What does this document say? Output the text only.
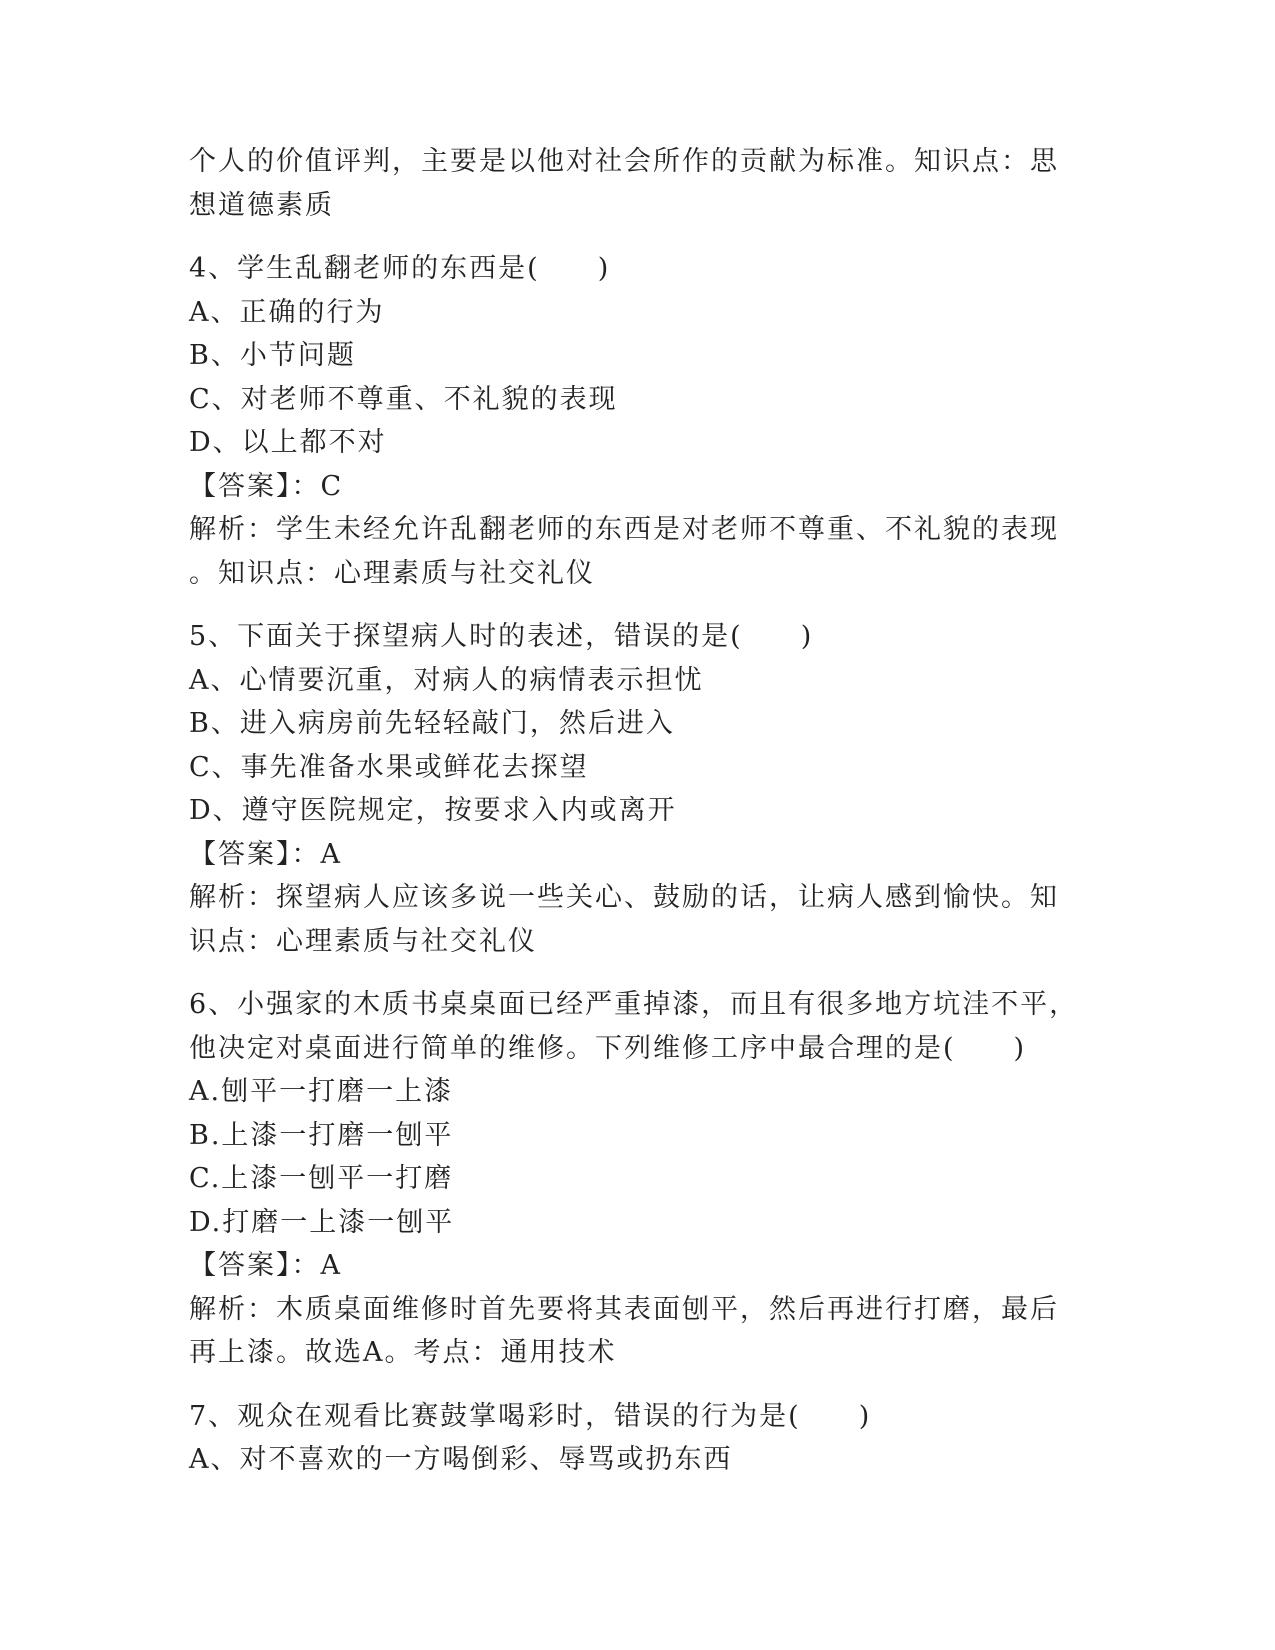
个人的价值评判，主要是以他对社会所作的贡献为标准。知识点：思
想道德素质
4、学生乱翻老师的东西是(　　)
A、正确的行为
B、小节问题
C、对老师不尊重、不礼貌的表现
D、以上都不对
【答案】：C
解析：学生未经允许乱翻老师的东西是对老师不尊重、不礼貌的表现
。知识点：心理素质与社交礼仪
5、下面关于探望病人时的表述，错误的是(　　)
A、心情要沉重，对病人的病情表示担忧
B、进入病房前先轻轻敲门，然后进入
C、事先准备水果或鲜花去探望
D、遵守医院规定，按要求入内或离开
【答案】：A
解析：探望病人应该多说一些关心、鼓励的话，让病人感到愉快。知
识点：心理素质与社交礼仪
6、小强家的木质书桌桌面已经严重掉漆，而且有很多地方坑洼不平，
他决定对桌面进行简单的维修。下列维修工序中最合理的是(　　)
A.刨平一打磨一上漆
B.上漆一打磨一刨平
C.上漆一刨平一打磨
D.打磨一上漆一刨平
【答案】：A
解析：木质桌面维修时首先要将其表面刨平，然后再进行打磨，最后
再上漆。故选A。考点：通用技术
7、观众在观看比赛鼓掌喝彩时，错误的行为是(　　)
A、对不喜欢的一方喝倒彩、辱骂或扔东西
